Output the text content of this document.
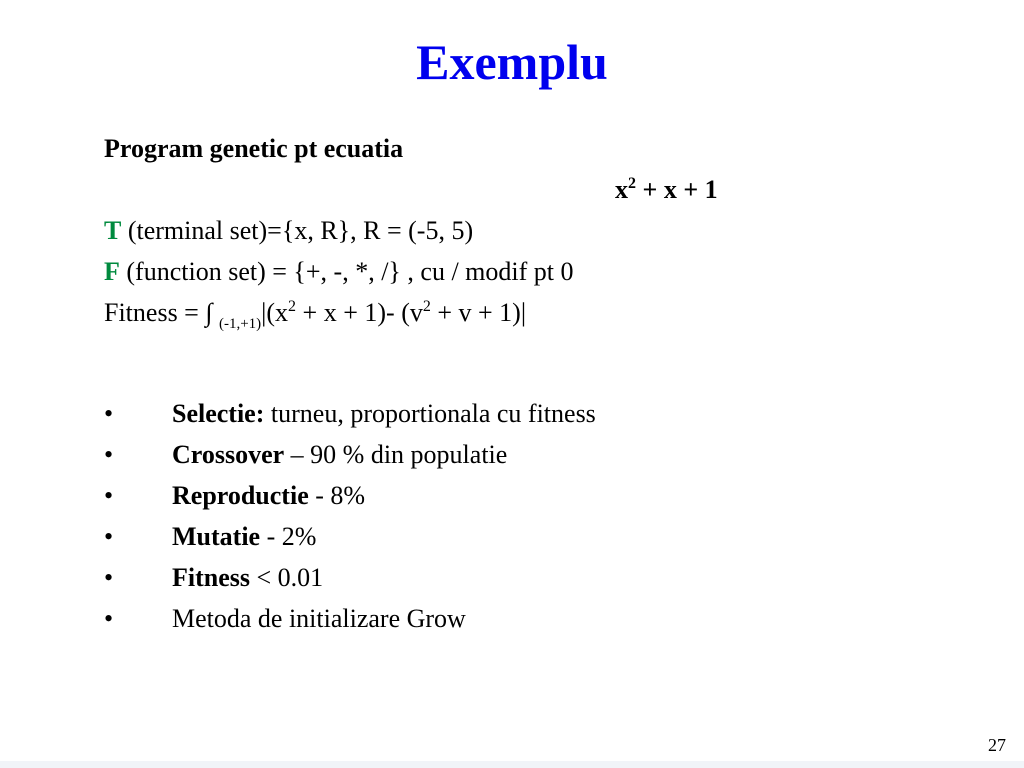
Exemplu
Program genetic pt ecuatia
$x^2 + x + 1$
T (terminal set)={x, R}, R = (-5, 5)
F (function set) = {+, -, *, /} , cu / modif pt 0
Fitness = ∫ $_{(-1,+1)}|(x^2 + x + 1)-$ $(v^2 + v + 1)|$
• Selectie: turneu, proportionala cu fitness
• Crossover – 90 % din populatie
• Reproductie - 8%
• Mutatie - 2%
• Fitness < 0.01
• Metoda de initializare Grow
27
